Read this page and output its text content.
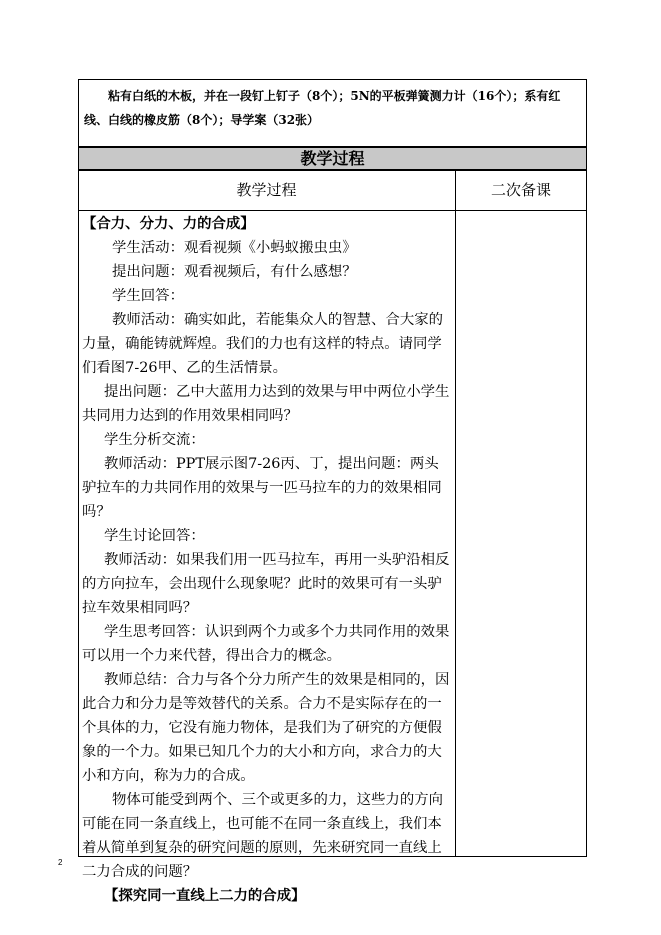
粘有白纸的木板，并在一段钉上钉子（8个）；5N的平板弹簧测力计（16个）；系有红线、白线的橡皮筋（8个）；导学案（32张）
教学过程
教学过程	二次备课

【合力、分力、力的合成】

学生活动：观看视频《小蚂蚁搬虫虫》

提出问题：观看视频后，有什么感想？

学生回答：

教师活动：确实如此，若能集众人的智慧、合大家的力量，确能铸就辉煌。我们的力也有这样的特点。请同学们看图7-26甲、乙的生活情景。

提出问题：乙中大蓝用力达到的效果与甲中两位小学生共同用力达到的作用效果相同吗？

学生分析交流：

教师活动：PPT展示图7-26丙、丁，提出问题：两头驴拉车的力共同作用的效果与一匹马拉车的力的效果相同吗？

学生讨论回答：

教师活动：如果我们用一匹马拉车，再用一头驴沿相反的方向拉车，会出现什么现象呢？此时的效果可有一头驴拉车效果相同吗？

学生思考回答：认识到两个力或多个力共同作用的效果可以用一个力来代替，得出合力的概念。

教师总结：合力与各个分力所产生的效果是相同的，因此合力和分力是等效替代的关系。合力不是实际存在的一个具体的力，它没有施力物体，是我们为了研究的方便假象的一个力。如果已知几个力的大小和方向，求合力的大小和方向，称为力的合成。

物体可能受到两个、三个或更多的力，这些力的方向可能在同一条直线上，也可能不在同一条直线上，我们本着从简单到复杂的研究问题的原则，先来研究同一直线上二力合成的问题？

【探究同一直线上二力的合成】

2
